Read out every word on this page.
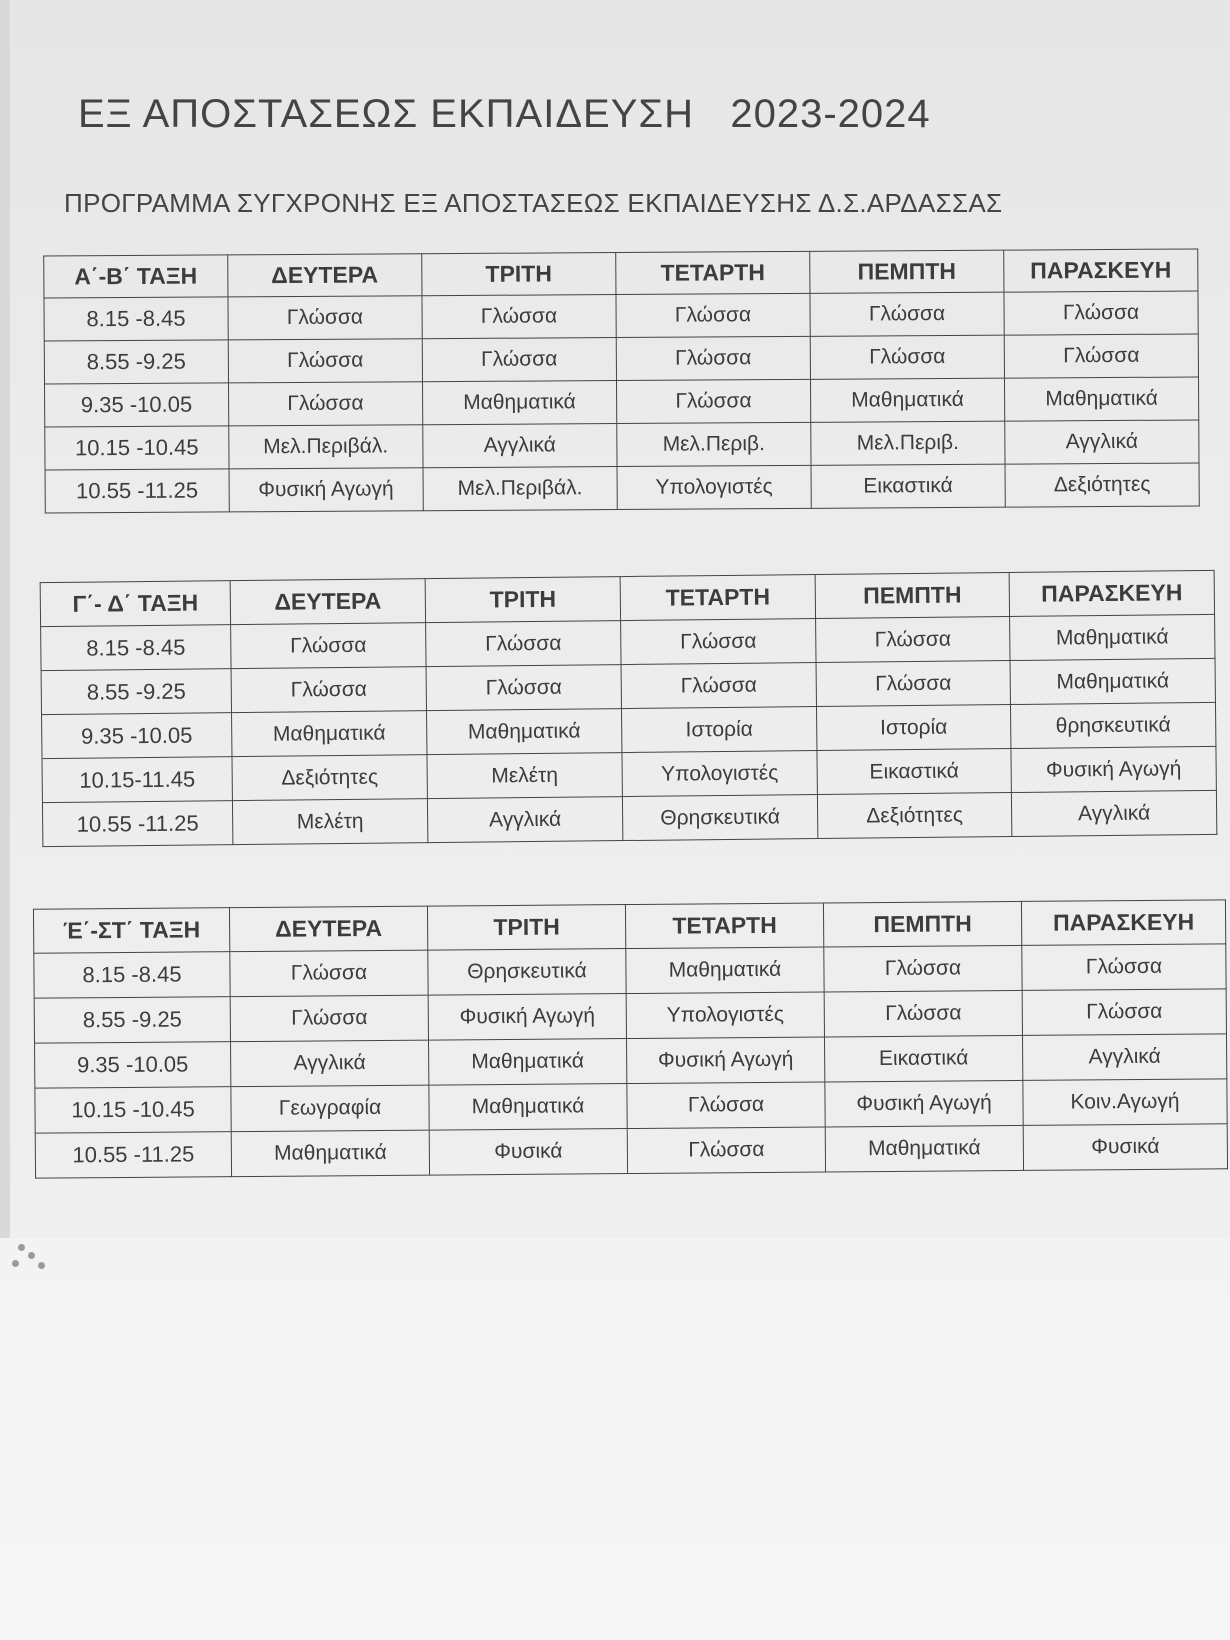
ΕΞ ΑΠΟΣΤΑΣΕΩΣ ΕΚΠΑΙΔΕΥΣΗ   2023-2024
ΠΡΟΓΡΑΜΜΑ ΣΥΓΧΡΟΝΗΣ ΕΞ ΑΠΟΣΤΑΣΕΩΣ ΕΚΠΑΙΔΕΥΣΗΣ Δ.Σ.ΑΡΔΑΣΣΑΣ
Α΄-Β΄ ΤΑΞΗ	ΔΕΥΤΕΡΑ	ΤΡΙΤΗ	ΤΕΤΑΡΤΗ	ΠΕΜΠΤΗ	ΠΑΡΑΣΚΕΥΗ
8.15 -8.45	Γλώσσα	Γλώσσα	Γλώσσα	Γλώσσα	Γλώσσα
8.55 -9.25	Γλώσσα	Γλώσσα	Γλώσσα	Γλώσσα	Γλώσσα
9.35 -10.05	Γλώσσα	Μαθηματικά	Γλώσσα	Μαθηματικά	Μαθηματικά
10.15 -10.45	Μελ.Περιβάλ.	Αγγλικά	Μελ.Περιβ.	Μελ.Περιβ.	Αγγλικά
10.55 -11.25	Φυσική Αγωγή	Μελ.Περιβάλ.	Υπολογιστές	Εικαστικά	Δεξιότητες
Γ΄- Δ΄ ΤΑΞΗ	ΔΕΥΤΕΡΑ	ΤΡΙΤΗ	ΤΕΤΑΡΤΗ	ΠΕΜΠΤΗ	ΠΑΡΑΣΚΕΥΗ
8.15 -8.45	Γλώσσα	Γλώσσα	Γλώσσα	Γλώσσα	Μαθηματικά
8.55 -9.25	Γλώσσα	Γλώσσα	Γλώσσα	Γλώσσα	Μαθηματικά
9.35 -10.05	Μαθηματικά	Μαθηματικά	Ιστορία	Ιστορία	θρησκευτικά
10.15-11.45	Δεξιότητες	Μελέτη	Υπολογιστές	Εικαστικά	Φυσική Αγωγή
10.55 -11.25	Μελέτη	Αγγλικά	Θρησκευτικά	Δεξιότητες	Αγγλικά
Έ΄-ΣΤ΄ ΤΑΞΗ	ΔΕΥΤΕΡΑ	ΤΡΙΤΗ	ΤΕΤΑΡΤΗ	ΠΕΜΠΤΗ	ΠΑΡΑΣΚΕΥΗ
8.15 -8.45	Γλώσσα	Θρησκευτικά	Μαθηματικά	Γλώσσα	Γλώσσα
8.55 -9.25	Γλώσσα	Φυσική Αγωγή	Υπολογιστές	Γλώσσα	Γλώσσα
9.35 -10.05	Αγγλικά	Μαθηματικά	Φυσική Αγωγή	Εικαστικά	Αγγλικά
10.15 -10.45	Γεωγραφία	Μαθηματικά	Γλώσσα	Φυσική Αγωγή	Κοιν.Αγωγή
10.55 -11.25	Μαθηματικά	Φυσικά	Γλώσσα	Μαθηματικά	Φυσικά
